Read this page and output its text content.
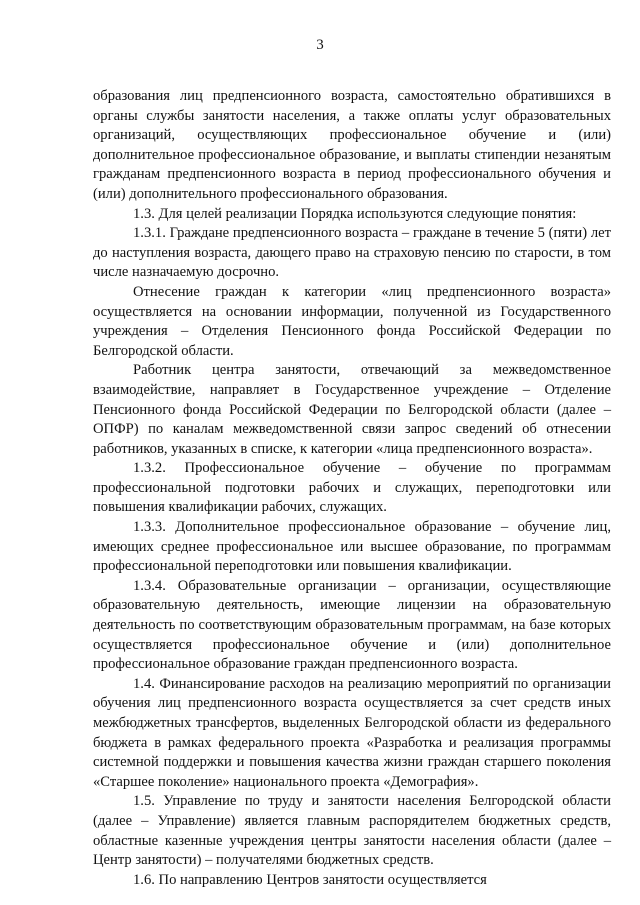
3

образования лиц предпенсионного возраста, самостоятельно обратившихся в органы службы занятости населения, а также оплаты услуг образовательных организаций, осуществляющих профессиональное обучение и (или) дополнительное профессиональное образование, и выплаты стипендии незанятым гражданам предпенсионного возраста в период профессионального обучения и (или) дополнительного профессионального образования.

1.3. Для целей реализации Порядка используются следующие понятия:

1.3.1. Граждане предпенсионного возраста – граждане в течение 5 (пяти) лет до наступления возраста, дающего право на страховую пенсию по старости, в том числе назначаемую досрочно.

Отнесение граждан к категории «лиц предпенсионного возраста» осуществляется на основании информации, полученной из Государственного учреждения – Отделения Пенсионного фонда Российской Федерации по Белгородской области.

Работник центра занятости, отвечающий за межведомственное взаимодействие, направляет в Государственное учреждение – Отделение Пенсионного фонда Российской Федерации по Белгородской области (далее – ОПФР) по каналам межведомственной связи запрос сведений об отнесении работников, указанных в списке, к категории «лица предпенсионного возраста».

1.3.2. Профессиональное обучение – обучение по программам профессиональной подготовки рабочих и служащих, переподготовки или повышения квалификации рабочих, служащих.

1.3.3. Дополнительное профессиональное образование – обучение лиц, имеющих среднее профессиональное или высшее образование, по программам профессиональной переподготовки или повышения квалификации.

1.3.4. Образовательные организации – организации, осуществляющие образовательную деятельность, имеющие лицензии на образовательную деятельность по соответствующим образовательным программам, на базе которых осуществляется профессиональное обучение и (или) дополнительное профессиональное образование граждан предпенсионного возраста.

1.4. Финансирование расходов на реализацию мероприятий по организации обучения лиц предпенсионного возраста осуществляется за счет средств иных межбюджетных трансфертов, выделенных Белгородской области из федерального бюджета в рамках федерального проекта «Разработка и реализация программы системной поддержки и повышения качества жизни граждан старшего поколения «Старшее поколение» национального проекта «Демография».

1.5. Управление по труду и занятости населения Белгородской области (далее – Управление) является главным распорядителем бюджетных средств, областные казенные учреждения центры занятости населения области (далее – Центр занятости) – получателями бюджетных средств.

1.6. По направлению Центров занятости осуществляется
